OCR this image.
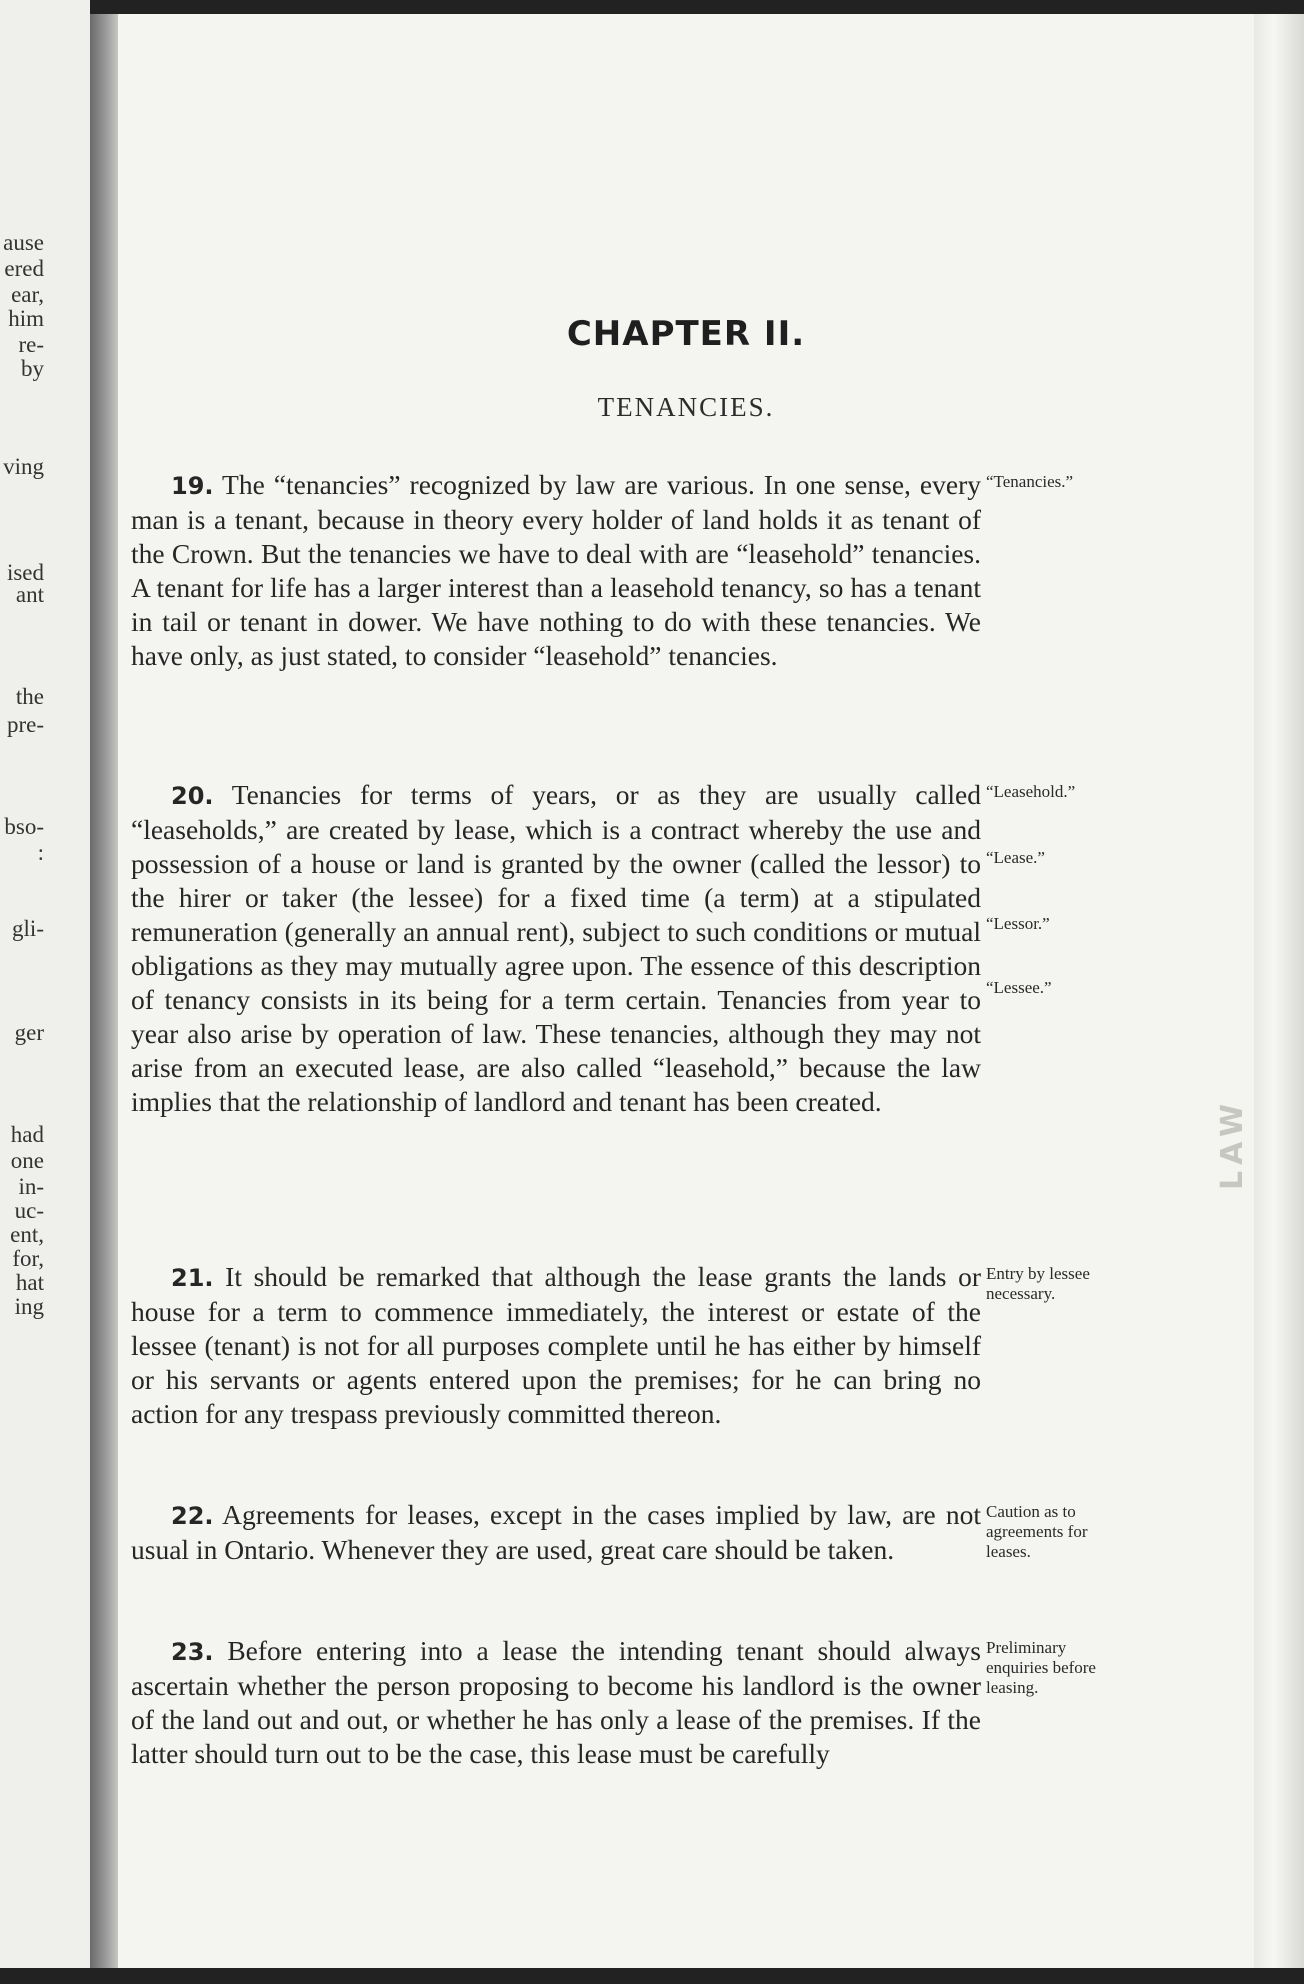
ause
ered
ear,
him
re-
by
ving
ised
ant
the
pre-
bso-
:
gli-
ger
had
one
in-
uc-
ent,
for,
hat
ing
CHAPTER II.
TENANCIES.

19. The “tenancies” recognized by law are various. In one sense, every man is a tenant, because in theory every holder of land holds it as tenant of the Crown. But the tenancies we have to deal with are “leasehold” tenancies. A tenant for life has a larger interest than a leasehold tenancy, so has a tenant in tail or tenant in dower. We have nothing to do with these tenancies. We have only, as just stated, to consider “leasehold” tenancies.

20. Tenancies for terms of years, or as they are usually called “leaseholds,” are created by lease, which is a contract whereby the use and possession of a house or land is granted by the owner (called the lessor) to the hirer or taker (the lessee) for a fixed time (a term) at a stipulated remuneration (generally an annual rent), subject to such conditions or mutual obligations as they may mutually agree upon. The essence of this description of tenancy consists in its being for a term certain. Tenancies from year to year also arise by operation of law. These tenancies, although they may not arise from an executed lease, are also called “leasehold,” because the law implies that the relationship of landlord and tenant has been created.

21. It should be remarked that although the lease grants the lands or house for a term to commence immediately, the interest or estate of the lessee (tenant) is not for all purposes complete until he has either by himself or his servants or agents entered upon the premises; for he can bring no action for any trespass previously committed thereon.

22. Agreements for leases, except in the cases implied by law, are not usual in Ontario. Whenever they are used, great care should be taken.

23. Before entering into a lease the intending tenant should always ascertain whether the person proposing to become his landlord is the owner of the land out and out, or whether he has only a lease of the premises. If the latter should turn out to be the case, this lease must be carefully

“Tenancies.”
“Leasehold.”
“Lease.”
“Lessor.”
“Lessee.”
Entry by lessee necessary.
Caution as to agreements for leases.
Preliminary enquiries before leasing.
LAW
